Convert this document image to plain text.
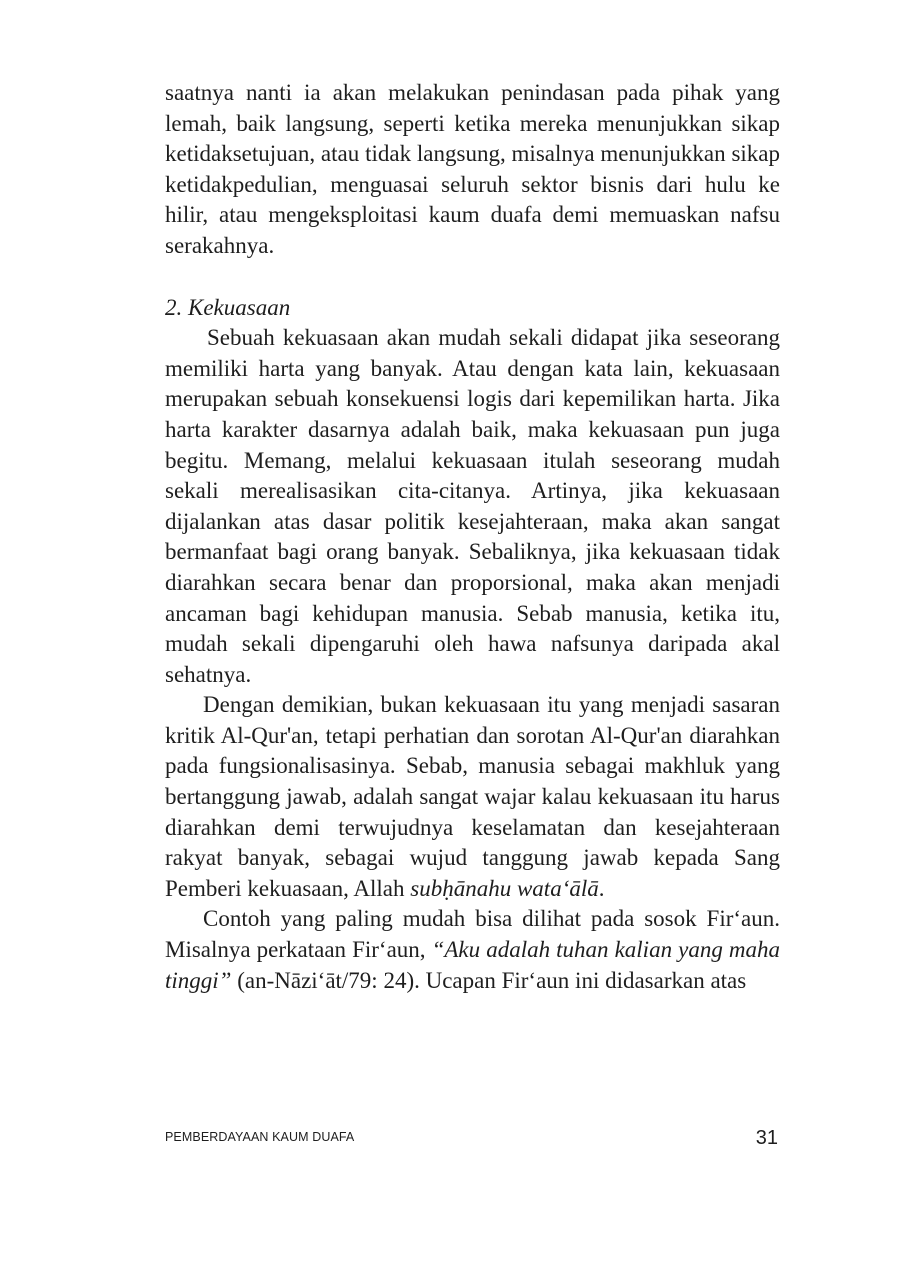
saatnya nanti ia akan melakukan penindasan pada pihak yang lemah, baik langsung, seperti ketika mereka menunjukkan sikap ketidaksetujuan, atau tidak langsung, misalnya menunjukkan sikap ketidakpedulian, menguasai seluruh sektor bisnis dari hulu ke hilir, atau mengeksploitasi kaum duafa demi memuaskan nafsu serakahnya.

2. Kekuasaan

Sebuah kekuasaan akan mudah sekali didapat jika seseorang memiliki harta yang banyak. Atau dengan kata lain, kekuasaan merupakan sebuah konsekuensi logis dari kepemilikan harta. Jika harta karakter dasarnya adalah baik, maka kekuasaan pun juga begitu. Memang, melalui kekuasaan itulah seseorang mudah sekali merealisasikan cita-citanya. Artinya, jika kekuasaan dijalankan atas dasar politik kesejahteraan, maka akan sangat bermanfaat bagi orang banyak. Sebaliknya, jika kekuasaan tidak diarahkan secara benar dan proporsional, maka akan menjadi ancaman bagi kehidupan manusia. Sebab manusia, ketika itu, mudah sekali dipengaruhi oleh hawa nafsunya daripada akal sehatnya.

Dengan demikian, bukan kekuasaan itu yang menjadi sasaran kritik Al-Qur'an, tetapi perhatian dan sorotan Al-Qur'an diarahkan pada fungsionalisasinya. Sebab, manusia sebagai makhluk yang bertanggung jawab, adalah sangat wajar kalau kekuasaan itu harus diarahkan demi terwujudnya keselamatan dan kesejahteraan rakyat banyak, sebagai wujud tanggung jawab kepada Sang Pemberi kekuasaan, Allah subḥānahu wata‘ālā.

Contoh yang paling mudah bisa dilihat pada sosok Fir‘aun. Misalnya perkataan Fir‘aun, “Aku adalah tuhan kalian yang maha tinggi” (an-Nāzi‘āt/79: 24). Ucapan Fir‘aun ini didasarkan atas

PEMBERDAYAAN KAUM DUAFA	31
